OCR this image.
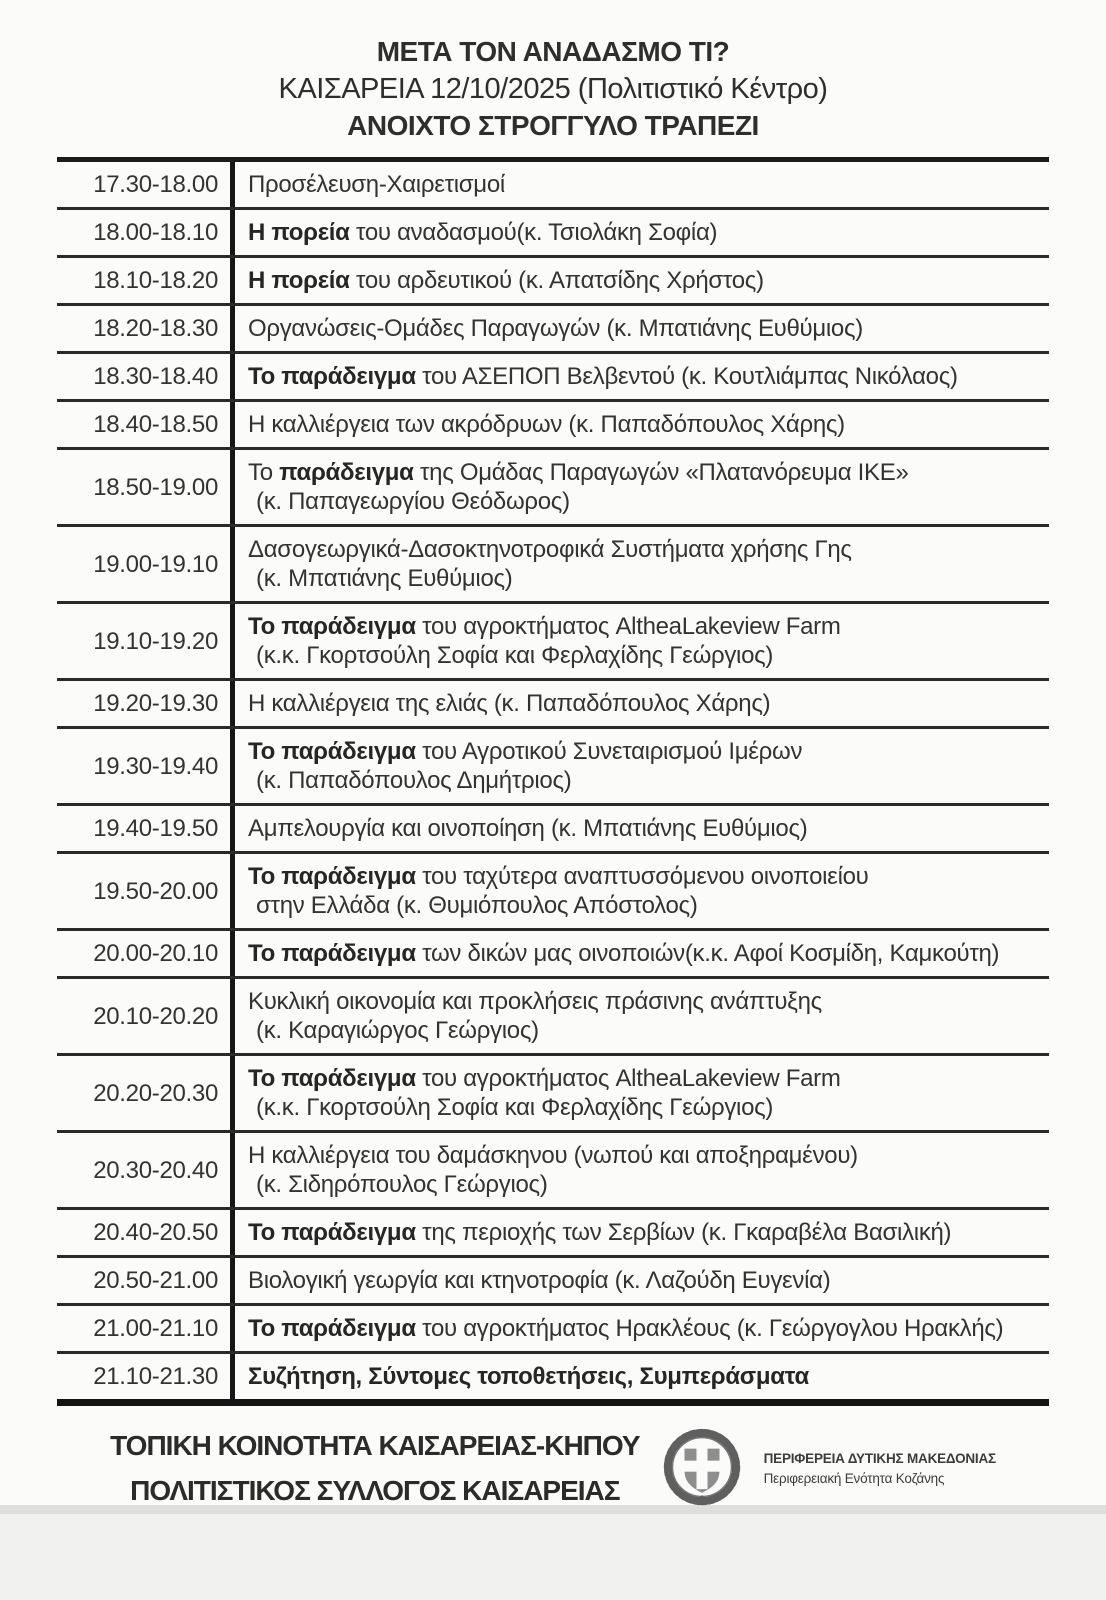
ΜΕΤΑ ΤΟΝ ΑΝΑΔΑΣΜΟ ΤΙ?
ΚΑΙΣΑΡΕΙΑ 12/10/2025 (Πολιτιστικό Κέντρο)
ΑΝΟΙΧΤΟ ΣΤΡΟΓΓΥΛΟ ΤΡΑΠΕΖΙ
17.30-18.00	Προσέλευση-Χαιρετισμοί
18.00-18.10	Η πορεία του αναδασμού(κ. Τσιολάκη Σοφία)
18.10-18.20	Η πορεία του αρδευτικού (κ. Απατσίδης Χρήστος)
18.20-18.30	Οργανώσεις-Ομάδες Παραγωγών (κ. Μπατιάνης Ευθύμιος)
18.30-18.40	Το παράδειγμα του ΑΣΕΠΟΠ Βελβεντού (κ. Κουτλιάμπας Νικόλαος)
18.40-18.50	Η καλλιέργεια των ακρόδρυων (κ. Παπαδόπουλος Χάρης)
18.50-19.00
Το παράδειγμα της Ομάδας Παραγωγών «Πλατανόρευμα ΙΚΕ»
(κ. Παπαγεωργίου Θεόδωρος)
19.00-19.10
Δασογεωργικά-Δασοκτηνοτροφικά Συστήματα χρήσης Γης
(κ. Μπατιάνης Ευθύμιος)
19.10-19.20
Το παράδειγμα του αγροκτήματος AltheaLakeview Farm
(κ.κ. Γκορτσούλη Σοφία και Φερλαχίδης Γεώργιος)
19.20-19.30	Η καλλιέργεια της ελιάς (κ. Παπαδόπουλος Χάρης)
19.30-19.40
Το παράδειγμα του Αγροτικού Συνεταιρισμού Ιμέρων
(κ. Παπαδόπουλος Δημήτριος)
19.40-19.50	Αμπελουργία και οινοποίηση (κ. Μπατιάνης Ευθύμιος)
19.50-20.00
Το παράδειγμα του ταχύτερα αναπτυσσόμενου οινοποιείου
στην Ελλάδα (κ. Θυμιόπουλος Απόστολος)
20.00-20.10	Το παράδειγμα των δικών μας οινοποιών(κ.κ. Αφοί Κοσμίδη, Καμκούτη)
20.10-20.20
Κυκλική οικονομία και προκλήσεις πράσινης ανάπτυξης
(κ. Καραγιώργος Γεώργιος)
20.20-20.30
Το παράδειγμα του αγροκτήματος AltheaLakeview Farm
(κ.κ. Γκορτσούλη Σοφία και Φερλαχίδης Γεώργιος)
20.30-20.40
Η καλλιέργεια του δαμάσκηνου (νωπού και αποξηραμένου)
(κ. Σιδηρόπουλος Γεώργιος)
20.40-20.50	Το παράδειγμα της περιοχής των Σερβίων (κ. Γκαραβέλα Βασιλική)
20.50-21.00	Βιολογική γεωργία και κτηνοτροφία (κ. Λαζούδη Ευγενία)
21.00-21.10	Το παράδειγμα του αγροκτήματος Ηρακλέους (κ. Γεώργογλου Ηρακλής)
21.10-21.30	Συζήτηση, Σύντομες τοποθετήσεις, Συμπεράσματα
ΤΟΠΙΚΗ ΚΟΙΝΟΤΗΤΑ ΚΑΙΣΑΡΕΙΑΣ-ΚΗΠΟΥ
ΠΟΛΙΤΙΣΤΙΚΟΣ ΣΥΛΛΟΓΟΣ ΚΑΙΣΑΡΕΙΑΣ
ΠΕΡΙΦΕΡΕΙΑ ΔΥΤΙΚΗΣ ΜΑΚΕΔΟΝΙΑΣ
Περιφερειακή Ενότητα Κοζάνης
